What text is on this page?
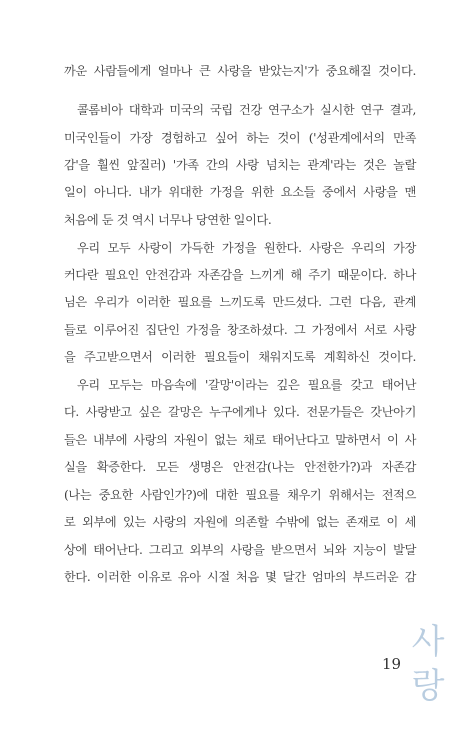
까운 사람들에게 얼마나 큰 사랑을 받았는지'가 중요해질 것이다.
콜롬비아 대학과 미국의 국립 건강 연구소가 실시한 연구 결과,
미국인들이 가장 경험하고 싶어 하는 것이 ('성관계에서의 만족
감'을 훨씬 앞질러) '가족 간의 사랑 넘치는 관계'라는 것은 놀랄
일이 아니다. 내가 위대한 가정을 위한 요소들 중에서 사랑을 맨
처음에 둔 것 역시 너무나 당연한 일이다.
우리 모두 사랑이 가득한 가정을 원한다. 사랑은 우리의 가장
커다란 필요인 안전감과 자존감을 느끼게 해 주기 때문이다. 하나
님은 우리가 이러한 필요를 느끼도록 만드셨다. 그런 다음, 관계
들로 이루어진 집단인 가정을 창조하셨다. 그 가정에서 서로 사랑
을 주고받으면서 이러한 필요들이 채워지도록 계획하신 것이다.
우리 모두는 마음속에 '갈망'이라는 깊은 필요를 갖고 태어난
다. 사랑받고 싶은 갈망은 누구에게나 있다. 전문가들은 갓난아기
들은 내부에 사랑의 자원이 없는 채로 태어난다고 말하면서 이 사
실을 확증한다. 모든 생명은 안전감(나는 안전한가?)과 자존감
(나는 중요한 사람인가?)에 대한 필요를 채우기 위해서는 전적으
로 외부에 있는 사랑의 자원에 의존할 수밖에 없는 존재로 이 세
상에 태어난다. 그리고 외부의 사랑을 받으면서 뇌와 지능이 발달
한다. 이러한 이유로 유아 시절 처음 몇 달간 엄마의 부드러운 감
19
사
랑
